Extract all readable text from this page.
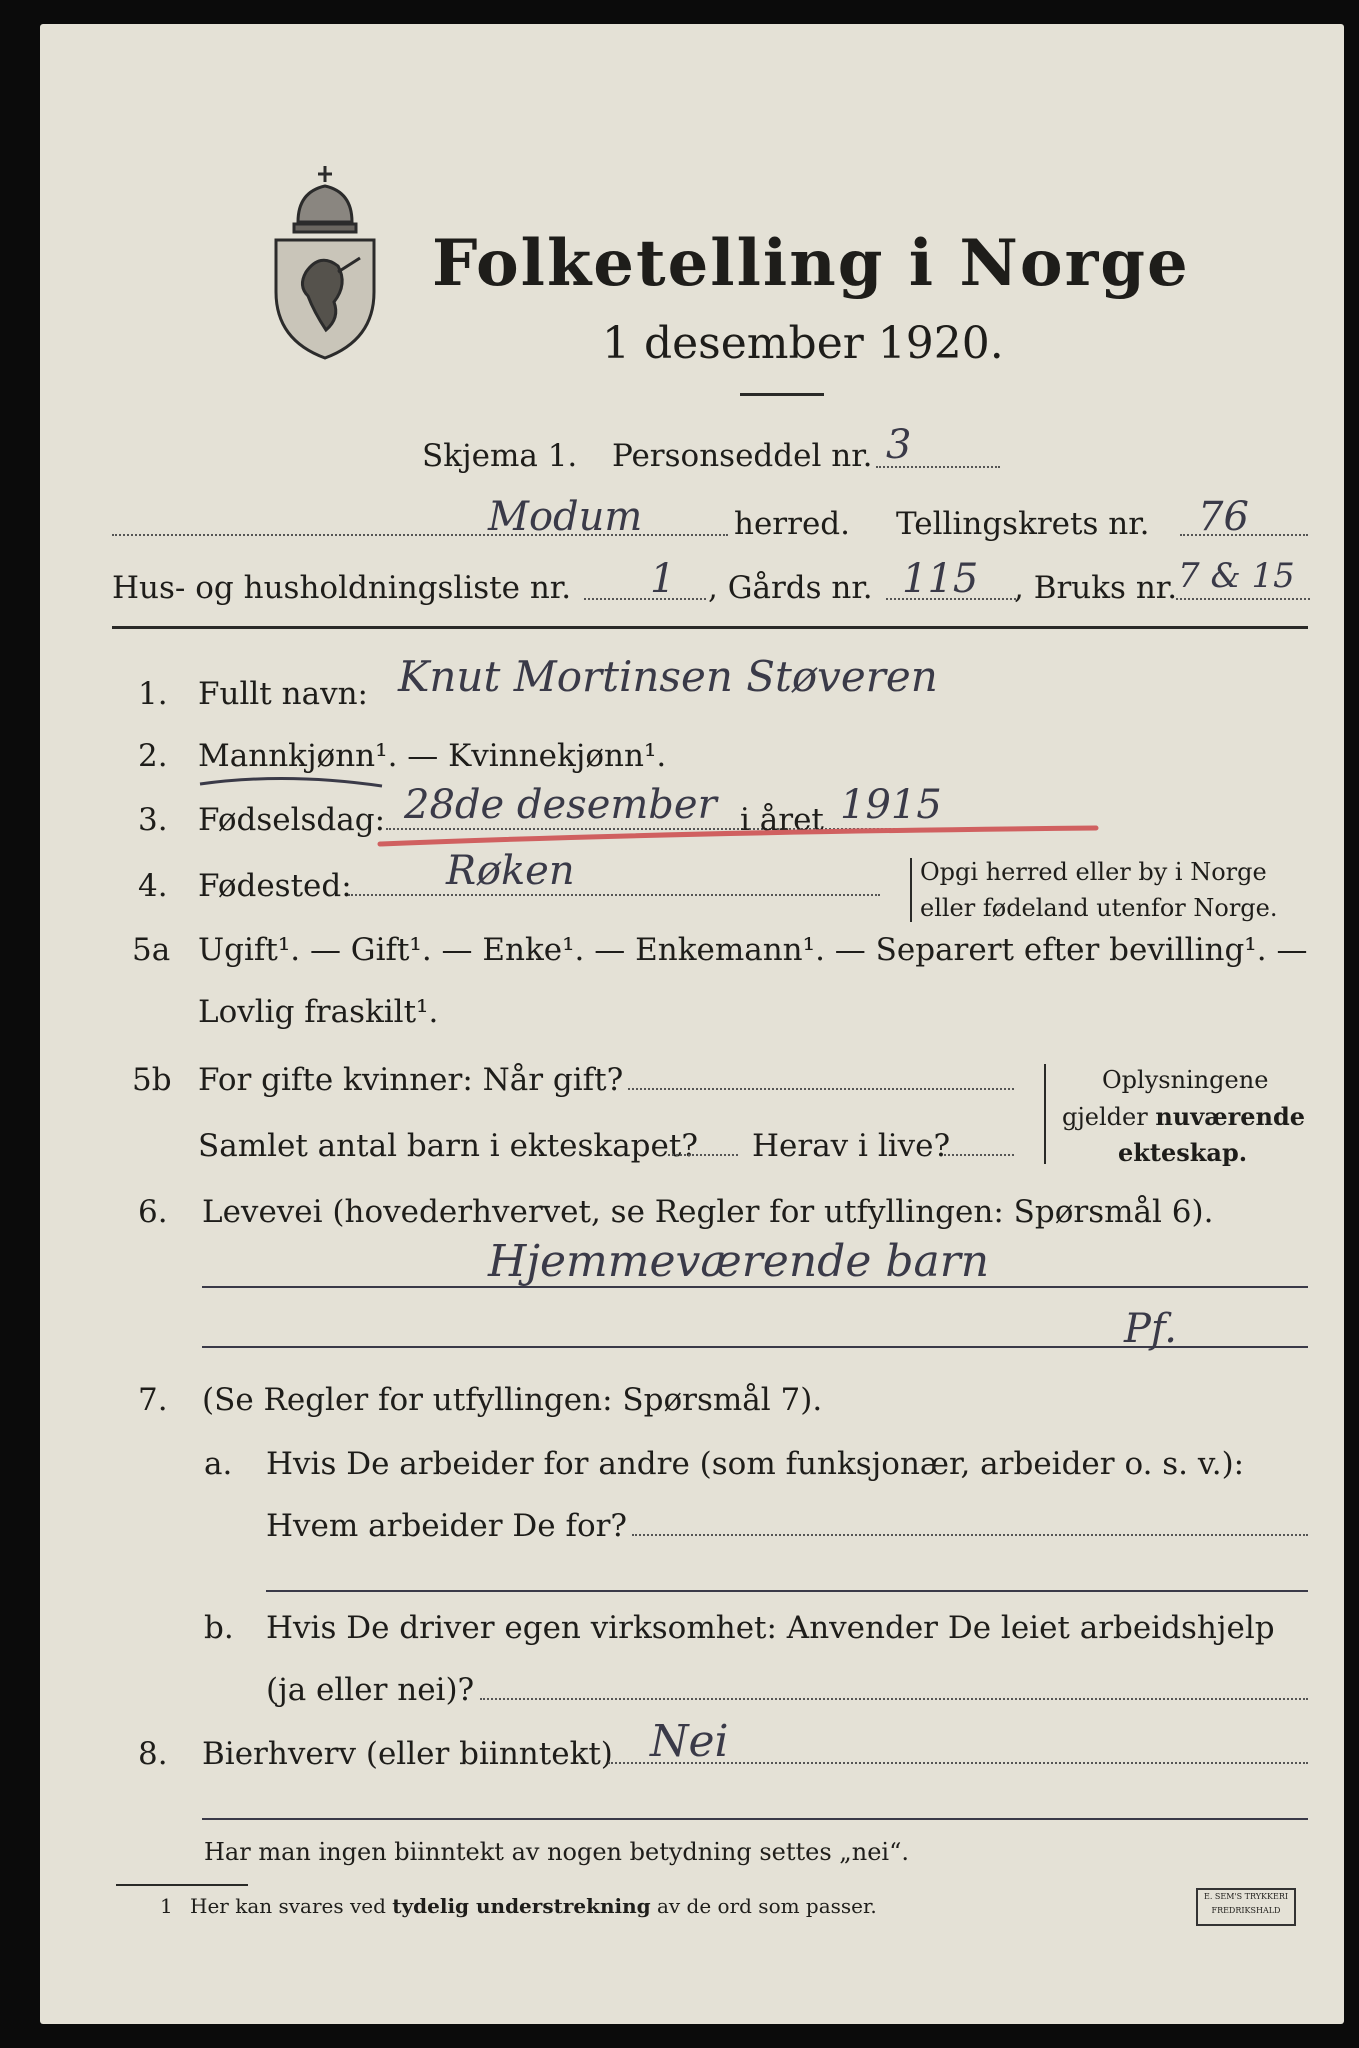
Folketelling i Norge
1 desember 1920.
Skjema 1. Personseddel nr. 3
Modum	herred. Tellingskrets nr. 76
Hus- og husholdningsliste nr. 1 , Gårds nr. 115 , Bruks nr. 7 & 15
1. Fullt navn: Knut Mortinsen Støveren
2. Mannkjønn¹. — Kvinnekjønn¹.
3. Fødselsdag: 28de desember i året 1915
4. Fødested: Røken	Opgi herred eller by i Norge
eller fødeland utenfor Norge.
5a Ugift¹. — Gift¹. — Enke¹. — Enkemann¹. — Separert efter bevilling¹. —
Lovlig fraskilt¹.
5b For gifte kvinner: Når gift?
Samlet antal barn i ekteskapet? Herav i live?
Oplysningene
gjelder nuværende
ekteskap.
6. Levevei (hovederhvervet, se Regler for utfyllingen: Spørsmål 6).
Hjemmeværende barn
Pf.
7. (Se Regler for utfyllingen: Spørsmål 7).
a. Hvis De arbeider for andre (som funksjonær, arbeider o. s. v.):
Hvem arbeider De for?
b. Hvis De driver egen virksomhet: Anvender De leiet arbeidshjelp
(ja eller nei)?
8. Bierhverv (eller biinntekt) Nei
Har man ingen biinntekt av nogen betydning settes „nei“.
1 Her kan svares ved tydelig understrekning av de ord som passer.	E. SEM'S TRYKKERI
FREDRIKSHALD
